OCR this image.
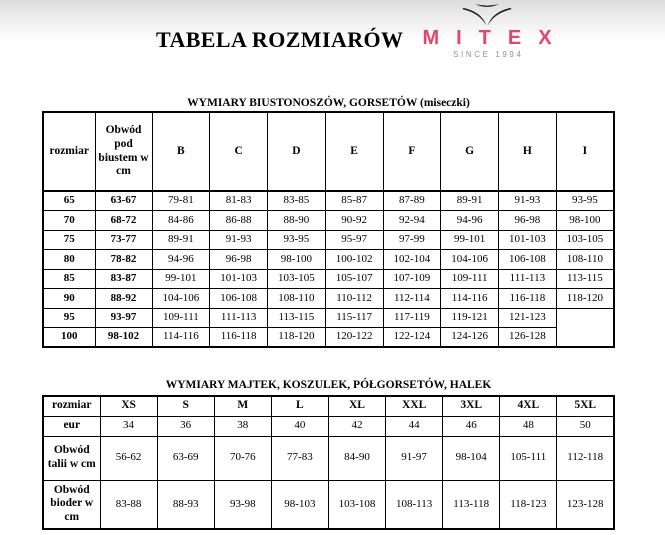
TABELA ROZMIARÓW MITEX
SINCE 1994
WYMIARY BIUSTONOSZÓW, GORSETÓW (miseczki)
rozmiar	Obwód pod biustem w cm	B	C	D	E	F	G	H	I
65	63-67	79-81	81-83	83-85	85-87	87-89	89-91	91-93	93-95
70	68-72	84-86	86-88	88-90	90-92	92-94	94-96	96-98	98-100
75	73-77	89-91	91-93	93-95	95-97	97-99	99-101	101-103	103-105
80	78-82	94-96	96-98	98-100	100-102	102-104	104-106	106-108	108-110
85	83-87	99-101	101-103	103-105	105-107	107-109	109-111	111-113	113-115
90	88-92	104-106	106-108	108-110	110-112	112-114	114-116	116-118	118-120
95	93-97	109-111	111-113	113-115	115-117	117-119	119-121	121-123	
100	98-102	114-116	116-118	118-120	120-122	122-124	124-126	126-128	
WYMIARY MAJTEK, KOSZULEK, PÓŁGORSETÓW, HALEK
rozmiar	XS	S	M	L	XL	XXL	3XL	4XL	5XL
eur	34	36	38	40	42	44	46	48	50
Obwód talii w cm	56-62	63-69	70-76	77-83	84-90	91-97	98-104	105-111	112-118
Obwód bioder w cm	83-88	88-93	93-98	98-103	103-108	108-113	113-118	118-123	123-128
